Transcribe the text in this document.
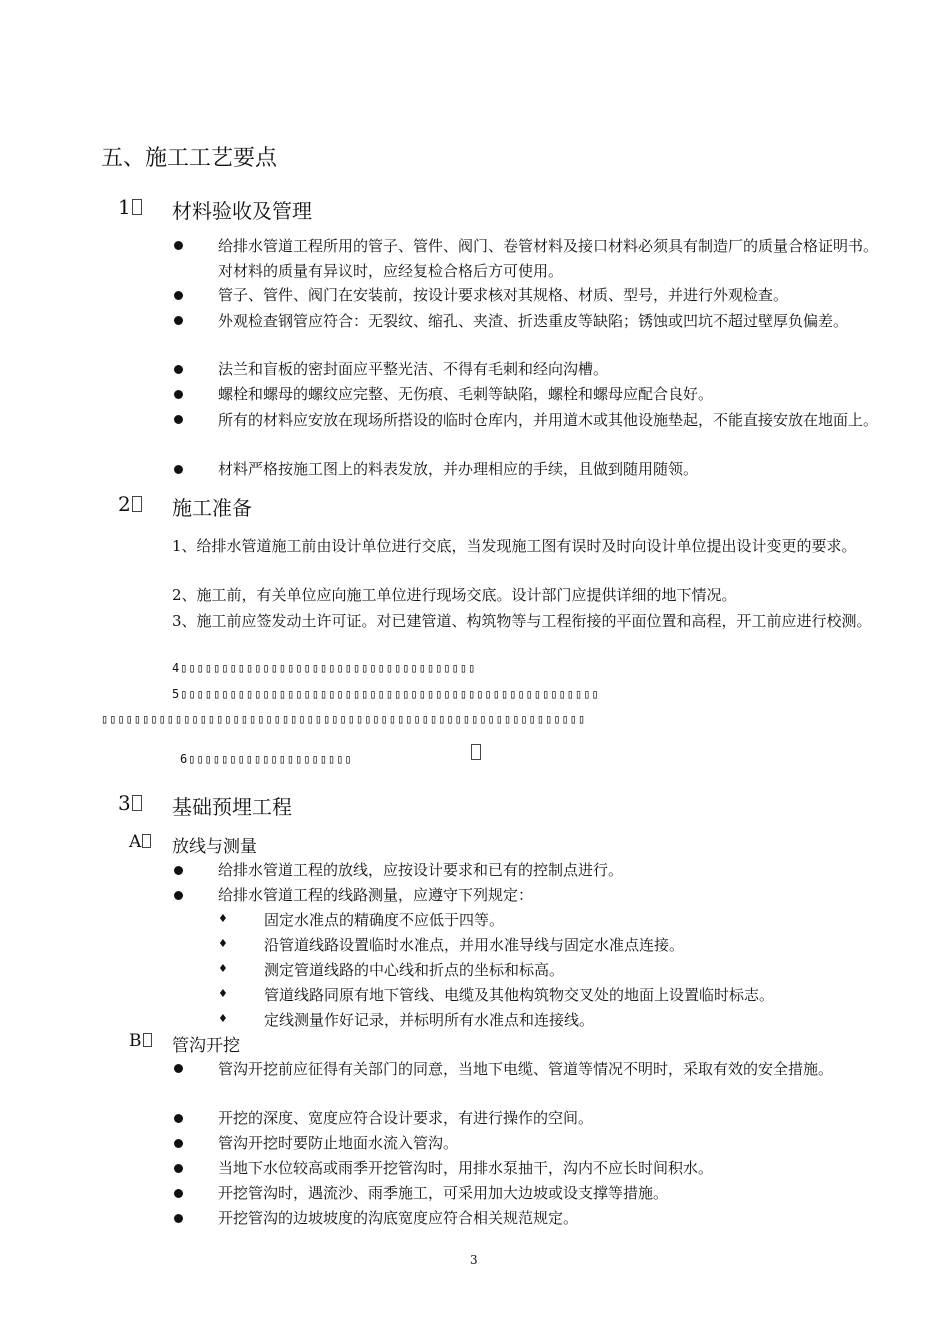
五、施工工艺要点
1	材料验收及管理
给排水管道工程所用的管子、管件、阀门、卷管材料及接口材料必须具有制造厂的质量合格证明书。对材料的质量有异议时，应经复检合格后方可使用。
管子、管件、阀门在安装前，按设计要求核对其规格、材质、型号，并进行外观检查。
外观检查钢管应符合：无裂纹、缩孔、夹渣、折迭重皮等缺陷；锈蚀或凹坑不超过壁厚负偏差。
法兰和盲板的密封面应平整光洁、不得有毛刺和经向沟槽。
螺栓和螺母的螺纹应完整、无伤痕、毛刺等缺陷，螺栓和螺母应配合良好。
所有的材料应安放在现场所搭设的临时仓库内，并用道木或其他设施垫起，不能直接安放在地面上。
材料严格按施工图上的料表发放，并办理相应的手续，且做到随用随领。
2	施工准备
1、给排水管道施工前由设计单位进行交底，当发现施工图有误时及时向设计单位提出设计变更的要求。
2、施工前，有关单位应向施工单位进行现场交底。设计部门应提供详细的地下情况。
3、施工前应签发动土许可证。对已建管道、构筑物等与工程衔接的平面位置和高程，开工前应进行校测。
4▯▯▯▯▯▯▯▯▯▯▯▯▯▯▯▯▯▯▯▯▯▯▯▯▯▯▯▯▯▯▯▯▯▯▯▯
5▯▯▯▯▯▯▯▯▯▯▯▯▯▯▯▯▯▯▯▯▯▯▯▯▯▯▯▯▯▯▯▯▯▯▯▯▯▯▯▯▯▯▯▯▯▯▯▯▯▯▯
▯▯▯▯▯▯▯▯▯▯▯▯▯▯▯▯▯▯▯▯▯▯▯▯▯▯▯▯▯▯▯▯▯▯▯▯▯▯▯▯▯▯▯▯▯▯▯▯▯▯▯▯▯▯▯▯▯▯▯
6▯▯▯▯▯▯▯▯▯▯▯▯▯▯▯▯▯▯▯▯
3	基础预埋工程
A	放线与测量
给排水管道工程的放线，应按设计要求和已有的控制点进行。
给排水管道工程的线路测量，应遵守下列规定：
♦ 固定水准点的精确度不应低于四等。
♦ 沿管道线路设置临时水准点，并用水准导线与固定水准点连接。
♦ 测定管道线路的中心线和折点的坐标和标高。
♦ 管道线路同原有地下管线、电缆及其他构筑物交叉处的地面上设置临时标志。
♦ 定线测量作好记录，并标明所有水准点和连接线。
B	管沟开挖
管沟开挖前应征得有关部门的同意，当地下电缆、管道等情况不明时，采取有效的安全措施。
开挖的深度、宽度应符合设计要求，有进行操作的空间。
管沟开挖时要防止地面水流入管沟。
当地下水位较高或雨季开挖管沟时，用排水泵抽干，沟内不应长时间积水。
开挖管沟时，遇流沙、雨季施工，可采用加大边坡或设支撑等措施。
开挖管沟的边坡坡度的沟底宽度应符合相关规范规定。
3
